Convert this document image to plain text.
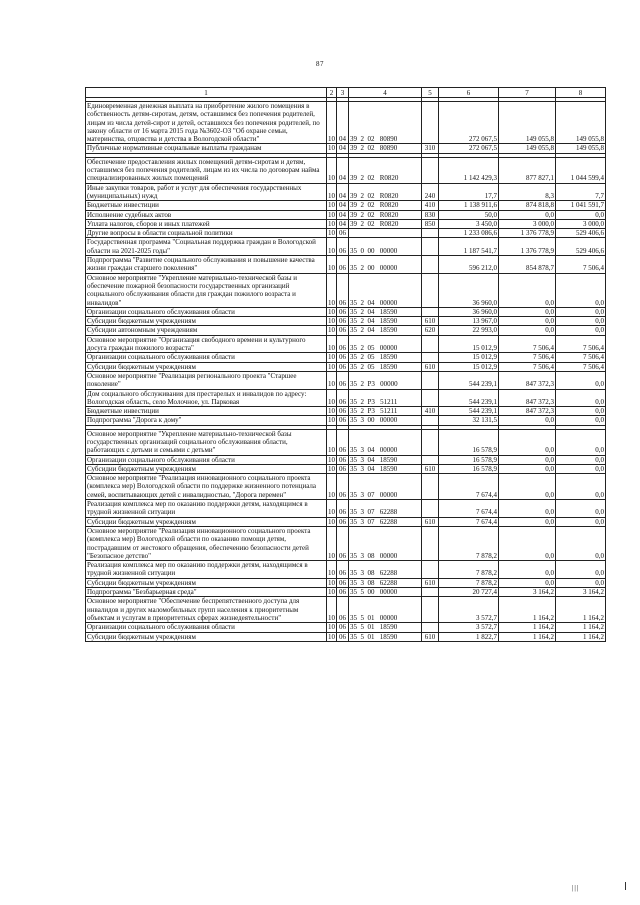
87
1	2	3	4	5	6	7	8

Единовременная денежная выплата на приобретение жилого помещения в собственность детям-сиротам, детям, оставшимся без попечения родителей, лицам из числа детей-сирот и детей, оставшихся без попечения родителей, по закону области от 16 марта 2015 года №3602-ОЗ "Об охране семьи, материнства, отцовства и детства в Вологодской области"	10	04	39  2  02   80890		272 067,5	149 055,8	149 055,8
Публичные нормативные социальные выплаты гражданам	10	04	39  2  02   80890	310	272 067,5	149 055,8	149 055,8

Обеспечение предоставления жилых помещений детям-сиротам и детям, оставшимся без попечения родителей, лицам из их числа по договорам найма специализированных жилых помещений	10	04	39  2  02   R0820		1 142 429,3	877 827,1	1 044 599,4
Иные закупки товаров, работ и услуг для обеспечения государственных (муниципальных) нужд	10	04	39  2  02   R0820	240	17,7	8,3	7,7
Бюджетные инвестиции	10	04	39  2  02   R0820	410	1 138 911,6	874 818,8	1 041 591,7
Исполнение судебных актов	10	04	39  2  02   R0820	830	50,0	0,0	0,0
Уплата налогов, сборов и иных платежей	10	04	39  2  02   R0820	850	3 450,0	3 000,0	3 000,0
Другие вопросы в области социальной политики	10	06			1 233 086,6	1 376 778,9	529 406,6
Государственная программа "Социальная поддержка граждан в Вологодской области на 2021-2025 годы"	10	06	35  0  00   00000		1 187 541,7	1 376 778,9	529 406,6
Подпрограмма "Развитие социального обслуживания и повышение качества жизни граждан старшего поколения"	10	06	35  2  00   00000		596 212,0	854 878,7	7 506,4
Основное мероприятие "Укрепление материально-технической базы и обеспечение пожарной безопасности государственных организаций социального обслуживания области для граждан пожилого возраста и инвалидов"	10	06	35  2  04   00000		36 960,0	0,0	0,0
Организации социального обслуживания области	10	06	35  2  04   18590		36 960,0	0,0	0,0
Субсидии бюджетным учреждениям	10	06	35  2  04   18590	610	13 967,0	0,0	0,0
Субсидии автономным учреждениям	10	06	35  2  04   18590	620	22 993,0	0,0	0,0
Основное мероприятие "Организация свободного времени и культурного досуга граждан пожилого возраста"	10	06	35  2  05   00000		15 012,9	7 506,4	7 506,4
Организации социального обслуживания области	10	06	35  2  05   18590		15 012,9	7 506,4	7 506,4
Субсидии бюджетным учреждениям	10	06	35  2  05   18590	610	15 012,9	7 506,4	7 506,4
Основное мероприятие "Реализация регионального проекта "Старшее поколение"	10	06	35  2  P3   00000		544 239,1	847 372,3	0,0
Дом социального обслуживания для престарелых и инвалидов по адресу: Вологодская область, село Молочное, ул. Парковая	10	06	35  2  P3   51211		544 239,1	847 372,3	0,0
Бюджетные инвестиции	10	06	35  2  P3   51211	410	544 239,1	847 372,3	0,0
Подпрограмма "Дорога к дому"	10	06	35  3  00   00000		32 131,5	0,0	0,0

Основное мероприятие "Укрепление материально-технической базы государственных организаций социального обслуживания области, работающих с детьми и семьями с детьми"	10	06	35  3  04   00000		16 578,9	0,0	0,0
Организации социального обслуживания области	10	06	35  3  04   18590		16 578,9	0,0	0,0
Субсидии бюджетным учреждениям	10	06	35  3  04   18590	610	16 578,9	0,0	0,0
Основное мероприятие "Реализация инновационного социального проекта (комплекса мер) Вологодской области по поддержке жизненного потенциала семей, воспитывающих детей с инвалидностью, "Дорога перемен"	10	06	35  3  07   00000		7 674,4	0,0	0,0
Реализация комплекса мер по оказанию поддержки детям, находящимся в трудной жизненной ситуации	10	06	35  3  07   62288		7 674,4	0,0	0,0
Субсидии бюджетным учреждениям	10	06	35  3  07   62288	610	7 674,4	0,0	0,0
Основное мероприятие "Реализация инновационного социального проекта (комплекса мер) Вологодской области по оказанию помощи детям, пострадавшим от жестокого обращения, обеспечению безопасности детей "Безопасное детство"	10	06	35  3  08   00000		7 878,2	0,0	0,0
Реализация комплекса мер по оказанию поддержки детям, находящимся в трудной жизненной ситуации	10	06	35  3  08   62288		7 878,2	0,0	0,0
Субсидии бюджетным учреждениям	10	06	35  3  08   62288	610	7 878,2	0,0	0,0
Подпрограмма "Безбарьерная среда"	10	06	35  5  00   00000		20 727,4	3 164,2	3 164,2
Основное мероприятие "Обеспечение беспрепятственного доступа для инвалидов и других маломобильных групп населения к приоритетным объектам и услугам в приоритетных сферах жизнедеятельности"	10	06	35  5  01   00000		3 572,7	1 164,2	1 164,2
Организации социального обслуживания области	10	06	35  5  01   18590		3 572,7	1 164,2	1 164,2
Субсидии бюджетным учреждениям	10	06	35  5  01   18590	610	1 822,7	1 164,2	1 164,2
|||
